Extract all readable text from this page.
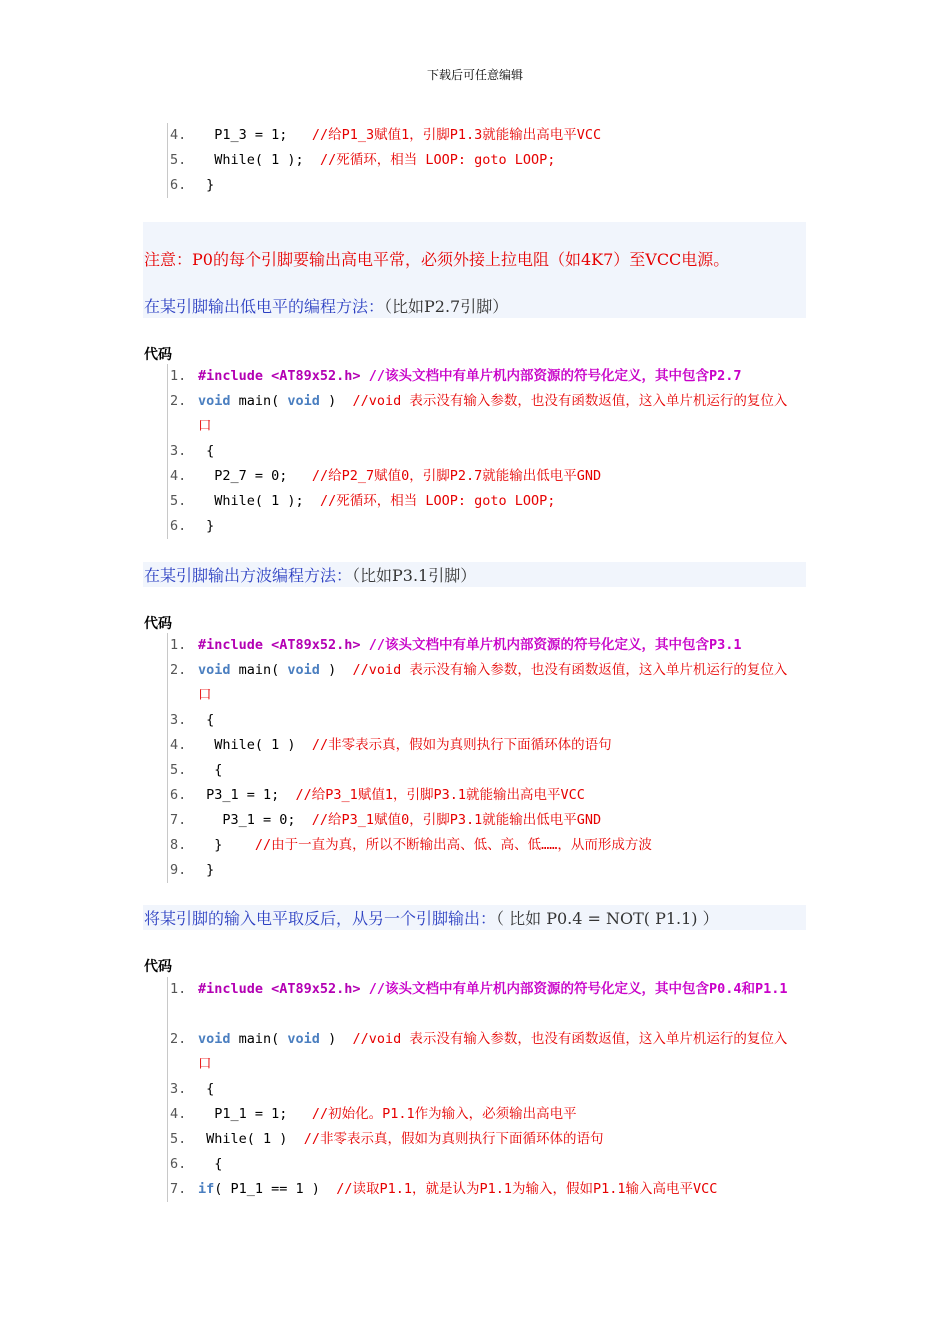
下载后可任意编辑

4.

P1_3 = 1;   //给P1_3赋值1，引脚P1.3就能输出高电平VCC

5.

While( 1 );  //死循环，相当 LOOP: goto LOOP;

6.

}

注意：P0的每个引脚要输出高电平常，必须外接上拉电阻（如4K7）至VCC电源。
在某引脚输出低电平的编程方法：（比如P2.7引脚）
代码

1.

#include <AT89x52.h> //该头文档中有单片机内部资源的符号化定义，其中包含P2.7

2.

void main( void )  //void 表示没有输入参数，也没有函数返值，这入单片机运行的复位入口

3.

{

4.

P2_7 = 0;   //给P2_7赋值0，引脚P2.7就能输出低电平GND

5.

While( 1 );  //死循环，相当 LOOP: goto LOOP;

6.

}

在某引脚输出方波编程方法：（比如P3.1引脚）
代码

1.

#include <AT89x52.h> //该头文档中有单片机内部资源的符号化定义，其中包含P3.1

2.

void main( void )  //void 表示没有输入参数，也没有函数返值，这入单片机运行的复位入口

3.

{

4.

While( 1 )  //非零表示真，假如为真则执行下面循环体的语句

5.

{

6.

P3_1 = 1;  //给P3_1赋值1，引脚P3.1就能输出高电平VCC

7.

P3_1 = 0;  //给P3_1赋值0，引脚P3.1就能输出低电平GND

8.

}    //由于一直为真，所以不断输出高、低、高、低……，从而形成方波

9.

}

将某引脚的输入电平取反后，从另一个引脚输出：（ 比如 P0.4 = NOT( P1.1) ）
代码

1.

#include <AT89x52.h> //该头文档中有单片机内部资源的符号化定义，其中包含P0.4和P1.1

2.

void main( void )  //void 表示没有输入参数，也没有函数返值，这入单片机运行的复位入口

3.

{

4.

P1_1 = 1;   //初始化。P1.1作为输入，必须输出高电平

5.

While( 1 )  //非零表示真，假如为真则执行下面循环体的语句

6.

{

7.

if( P1_1 == 1 )  //读取P1.1，就是认为P1.1为输入，假如P1.1输入高电平VCC
